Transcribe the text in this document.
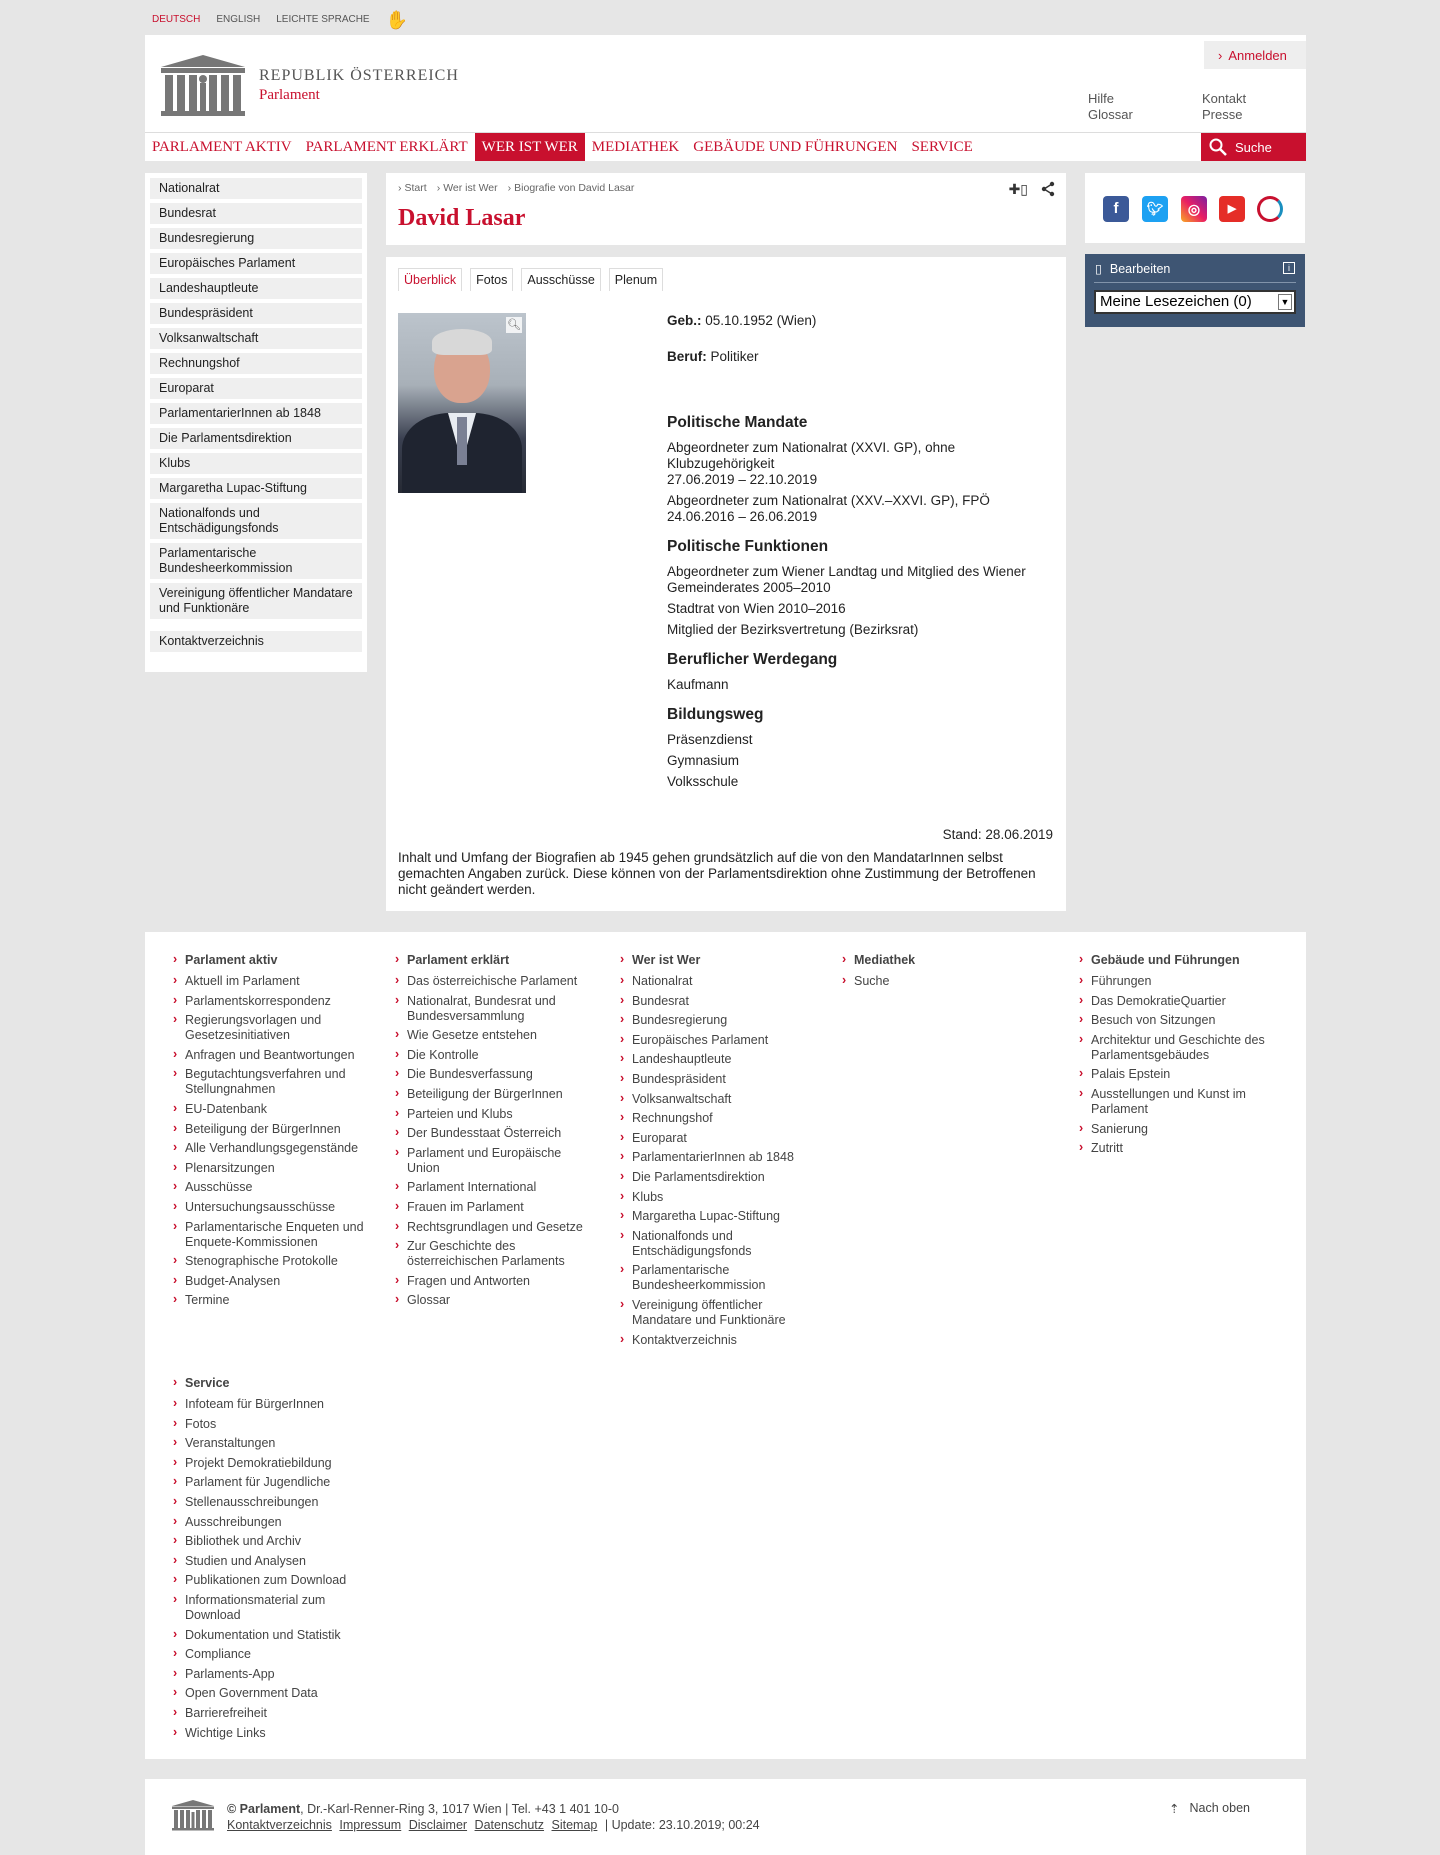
DEUTSCH ENGLISH LEICHTE SPRACHE ✋
REPUBLIK ÖSTERREICH
Parlament
› Anmelden
Hilfe
Glossar
Kontakt
Presse
PARLAMENT AKTIV PARLAMENT ERKLÄRT WER IST WER MEDIATHEK GEBÄUDE UND FÜHRUNGEN SERVICE	Suche
Nationalrat
Bundesrat
Bundesregierung
Europäisches Parlament
Landeshauptleute
Bundespräsident
Volksanwaltschaft
Rechnungshof
Europarat
ParlamentarierInnen ab 1848
Die Parlamentsdirektion
Klubs
Margaretha Lupac-Stiftung
Nationalfonds und Entschädigungsfonds
Parlamentarische Bundesheerkommission
Vereinigung öffentlicher Mandatare und Funktionäre
Kontaktverzeichnis
› Start	› Wer ist Wer	› Biografie von David Lasar
David Lasar
✚▯
Überblick	Fotos	Ausschüsse	Plenum
🔍︎	Geb.: 05.10.1952 (Wien)
Beruf: Politiker
Politische Mandate
Abgeordneter zum Nationalrat (XXVI. GP), ohne Klubzugehörigkeit
27.06.2019 – 22.10.2019
Abgeordneter zum Nationalrat (XXV.–XXVI. GP), FPÖ
24.06.2016 – 26.06.2019
Politische Funktionen
Abgeordneter zum Wiener Landtag und Mitglied des Wiener Gemeinderates 2005–2010
Stadtrat von Wien 2010–2016
Mitglied der Bezirksvertretung (Bezirksrat)
Beruflicher Werdegang
Kaufmann
Bildungsweg
Präsenzdienst
Gymnasium
Volksschule
Stand: 28.06.2019
Inhalt und Umfang der Biografien ab 1945 gehen grundsätzlich auf die von den MandatarInnen selbst gemachten Angaben zurück. Diese können von der Parlamentsdirektion ohne Zustimmung der Betroffenen nicht geändert werden.
f	🐦︎	◎	▶
▯ Bearbeiten	i
Meine Lesezeichen (0)	▼
› Parlament aktiv
› Aktuell im Parlament
› Parlamentskorrespondenz
› Regierungsvorlagen und Gesetzesinitiativen
› Anfragen und Beantwortungen
› Begutachtungsverfahren und Stellungnahmen
› EU-Datenbank
› Beteiligung der BürgerInnen
› Alle Verhandlungsgegenstände
› Plenarsitzungen
› Ausschüsse
› Untersuchungsausschüsse
› Parlamentarische Enqueten und Enquete-Kommissionen
› Stenographische Protokolle
› Budget-Analysen
› Termine
› Parlament erklärt
› Das österreichische Parlament
› Nationalrat, Bundesrat und Bundesversammlung
› Wie Gesetze entstehen
› Die Kontrolle
› Die Bundesverfassung
› Beteiligung der BürgerInnen
› Parteien und Klubs
› Der Bundesstaat Österreich
› Parlament und Europäische Union
› Parlament International
› Frauen im Parlament
› Rechtsgrundlagen und Gesetze
› Zur Geschichte des österreichischen Parlaments
› Fragen und Antworten
› Glossar
› Wer ist Wer
› Nationalrat
› Bundesrat
› Bundesregierung
› Europäisches Parlament
› Landeshauptleute
› Bundespräsident
› Volksanwaltschaft
› Rechnungshof
› Europarat
› ParlamentarierInnen ab 1848
› Die Parlamentsdirektion
› Klubs
› Margaretha Lupac-Stiftung
› Nationalfonds und Entschädigungsfonds
› Parlamentarische Bundesheerkommission
› Vereinigung öffentlicher Mandatare und Funktionäre
› Kontaktverzeichnis
› Mediathek
› Suche
› Gebäude und Führungen
› Führungen
› Das DemokratieQuartier
› Besuch von Sitzungen
› Architektur und Geschichte des Parlamentsgebäudes
› Palais Epstein
› Ausstellungen und Kunst im Parlament
› Sanierung
› Zutritt
› Service
› Infoteam für BürgerInnen
› Fotos
› Veranstaltungen
› Projekt Demokratiebildung
› Parlament für Jugendliche
› Stellenausschreibungen
› Ausschreibungen
› Bibliothek und Archiv
› Studien und Analysen
› Publikationen zum Download
› Informationsmaterial zum Download
› Dokumentation und Statistik
› Compliance
› Parlaments-App
› Open Government Data
› Barrierefreiheit
› Wichtige Links
© Parlament, Dr.-Karl-Renner-Ring 3, 1017 Wien | Tel. +43 1 401 10-0
Kontaktverzeichnis Impressum Disclaimer Datenschutz Sitemap | Update: 23.10.2019; 00:24
⇡ Nach oben
